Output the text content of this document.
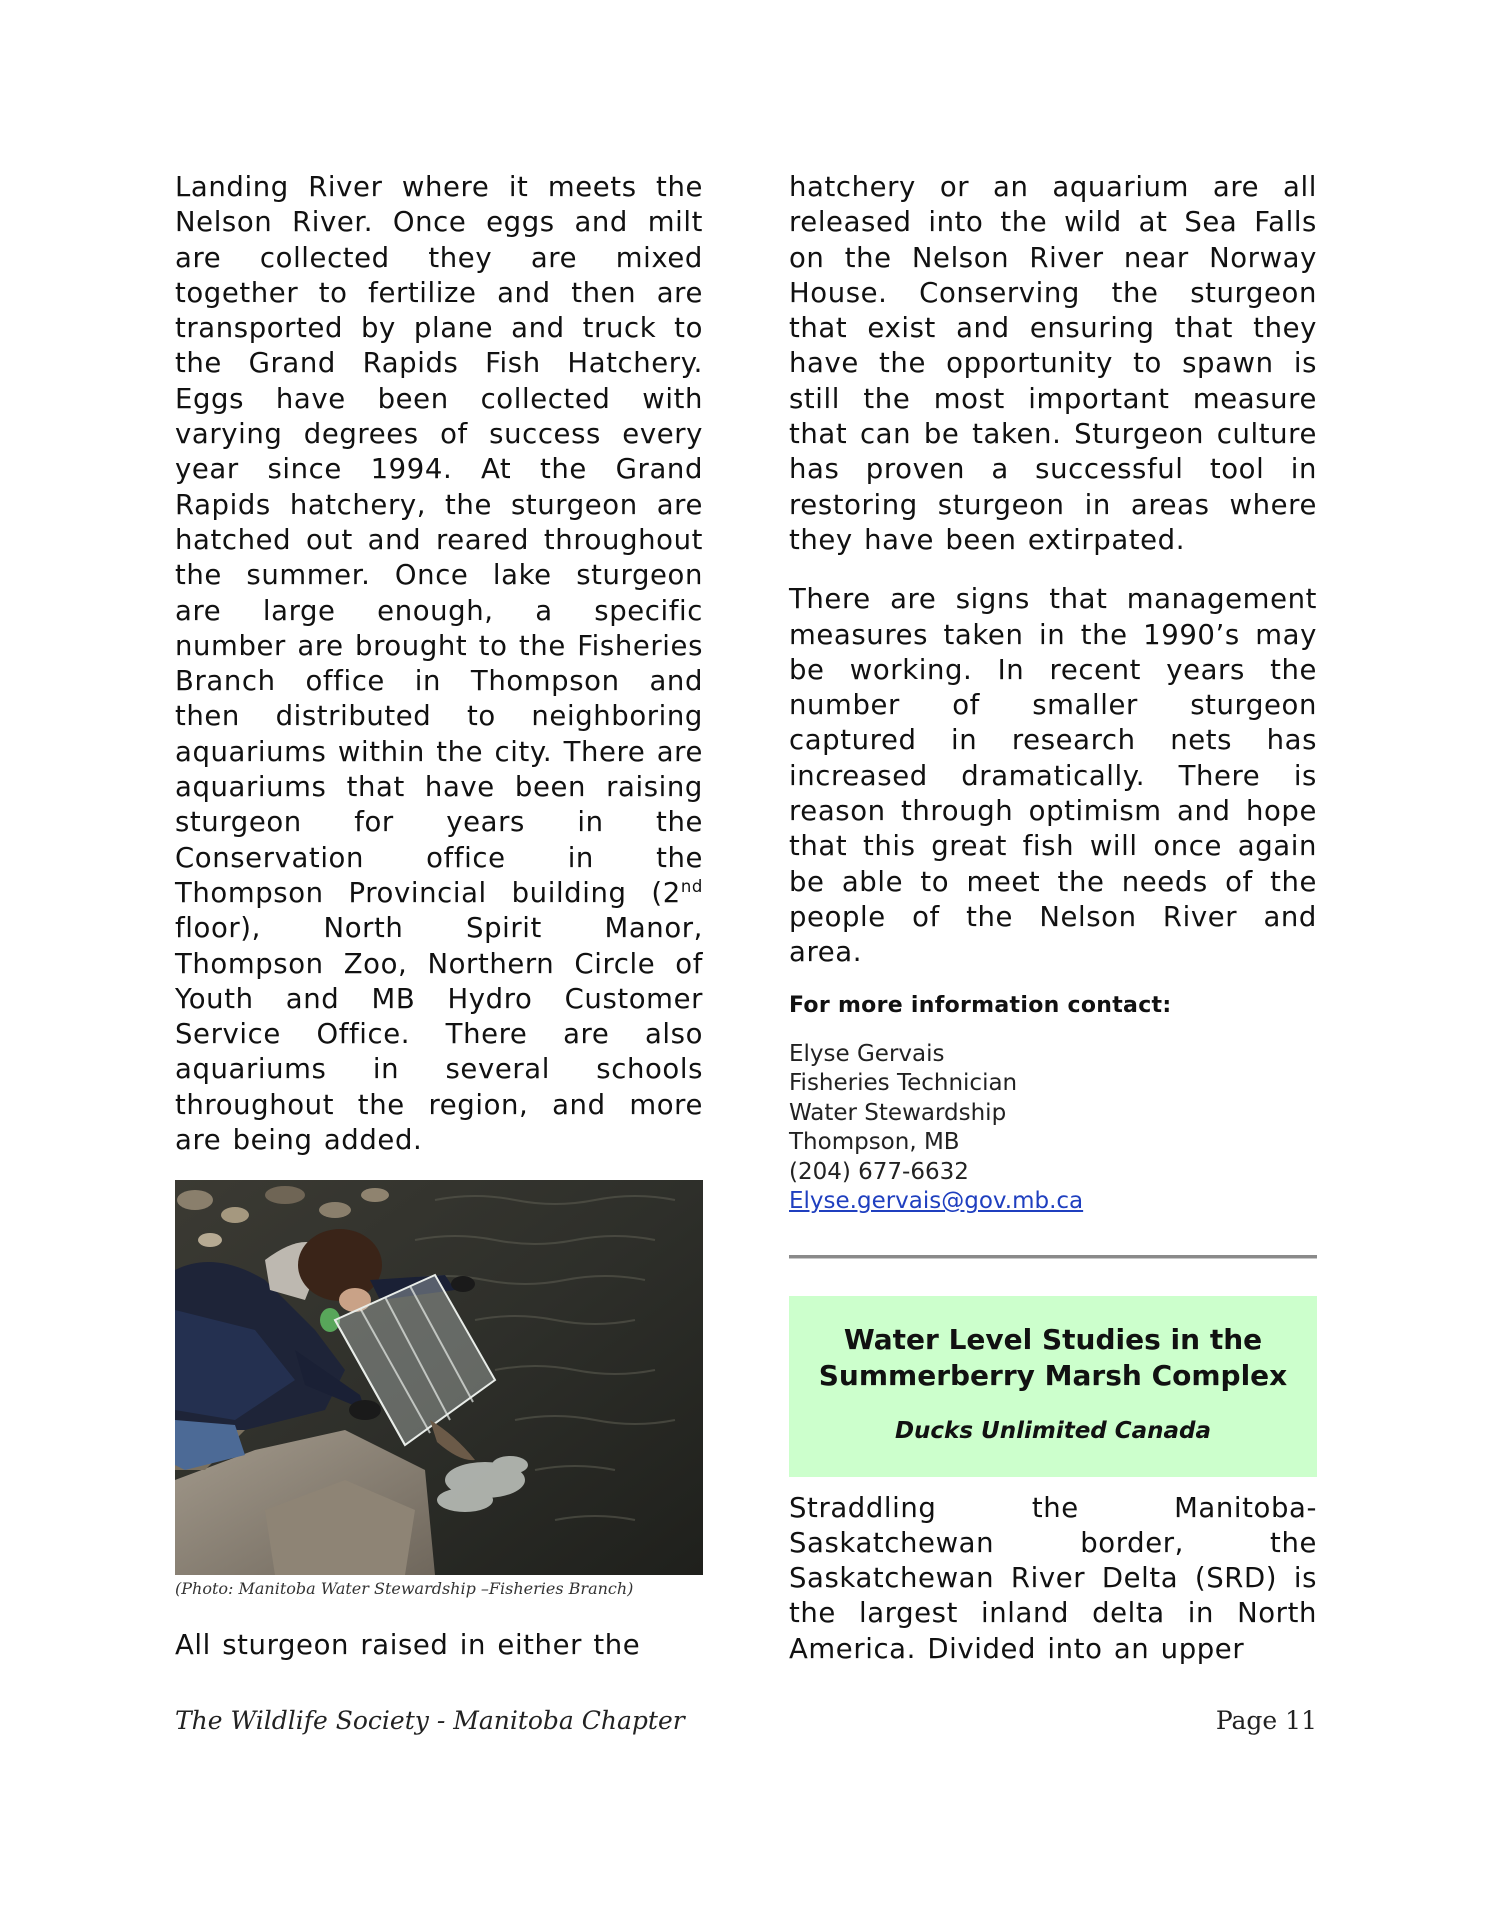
Landing River where it meets the Nelson River. Once eggs and milt are collected they are mixed together to fertilize and then are transported by plane and truck to the Grand Rapids Fish Hatchery. Eggs have been collected with varying degrees of success every year since 1994. At the Grand Rapids hatchery, the sturgeon are hatched out and reared throughout the summer. Once lake sturgeon are large enough, a specific number are brought to the Fisheries Branch office in Thompson and then distributed to neighboring aquariums within the city. There are aquariums that have been raising sturgeon for years in the Conservation office in the Thompson Provincial building (2nd floor), North Spirit Manor, Thompson Zoo, Northern Circle of Youth and MB Hydro Customer Service Office. There are also aquariums in several schools throughout the region, and more are being added.

(Photo: Manitoba Water Stewardship –Fisheries Branch)

All sturgeon raised in either the

hatchery or an aquarium are all released into the wild at Sea Falls on the Nelson River near Norway House. Conserving the sturgeon that exist and ensuring that they have the opportunity to spawn is still the most important measure that can be taken. Sturgeon culture has proven a successful tool in restoring sturgeon in areas where they have been extirpated.

There are signs that management measures taken in the 1990’s may be working. In recent years the number of smaller sturgeon captured in research nets has increased dramatically. There is reason through optimism and hope that this great fish will once again be able to meet the needs of the people of the Nelson River and area.

For more information contact:
Elyse Gervais
Fisheries Technician
Water Stewardship
Thompson, MB
(204) 677-6632
Elyse.gervais@gov.mb.ca
Water Level Studies in the
Summerberry Marsh Complex
Ducks Unlimited Canada

Straddling the Manitoba-Saskatchewan border, the Saskatchewan River Delta (SRD) is the largest inland delta in North America. Divided into an upper

The Wildlife Society - Manitoba Chapter	Page 11
